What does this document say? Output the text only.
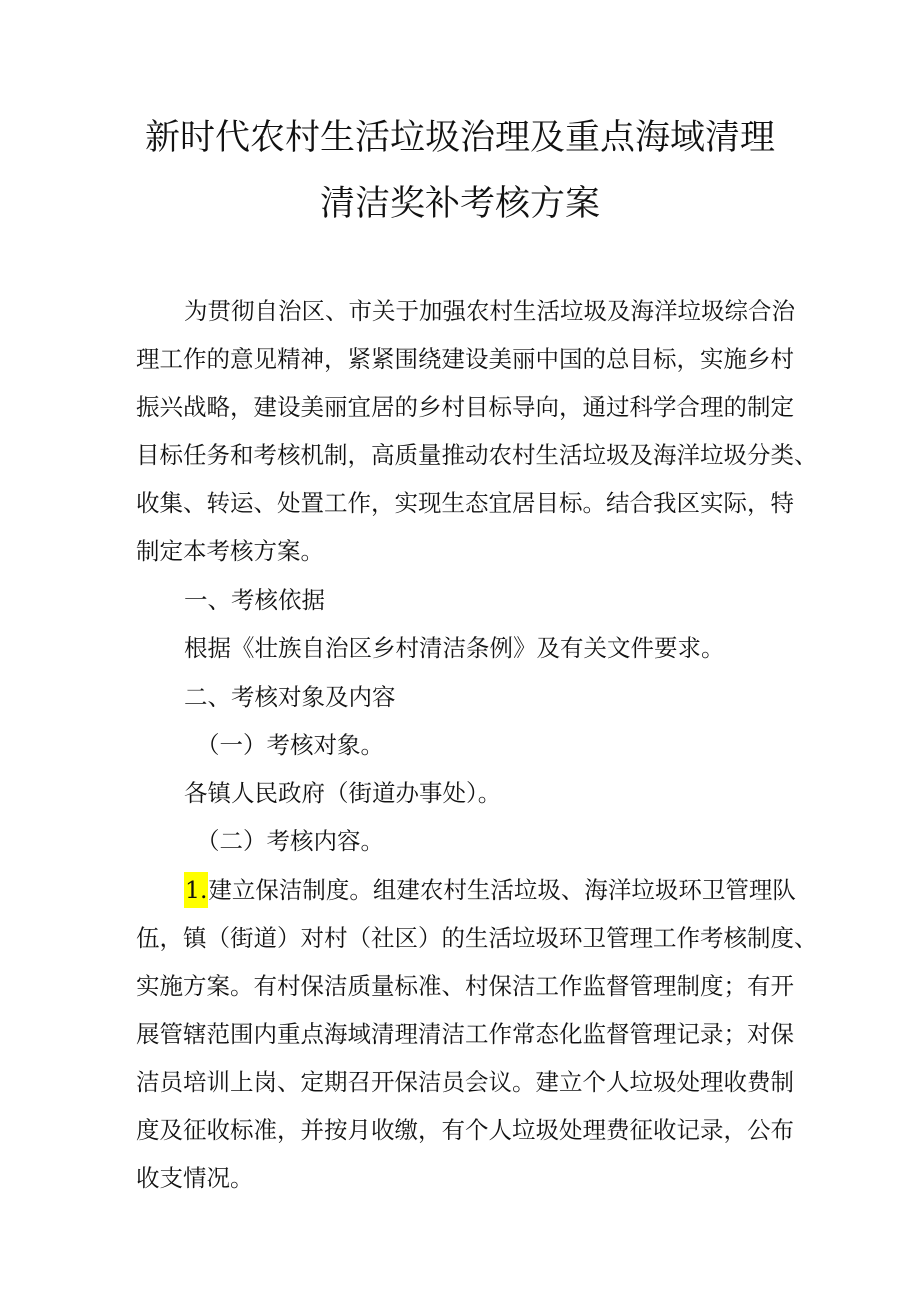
新时代农村生活垃圾治理及重点海域清理
清洁奖补考核方案
为贯彻自治区、市关于加强农村生活垃圾及海洋垃圾综合治
理工作的意见精神，紧紧围绕建设美丽中国的总目标，实施乡村
振兴战略，建设美丽宜居的乡村目标导向，通过科学合理的制定
目标任务和考核机制，高质量推动农村生活垃圾及海洋垃圾分类、
收集、转运、处置工作，实现生态宜居目标。结合我区实际，特
制定本考核方案。
一、考核依据
根据《壮族自治区乡村清洁条例》及有关文件要求。
二、考核对象及内容
（一）考核对象。
各镇人民政府（街道办事处）。
（二）考核内容。
1.建立保洁制度。组建农村生活垃圾、海洋垃圾环卫管理队
伍，镇（街道）对村（社区）的生活垃圾环卫管理工作考核制度、
实施方案。有村保洁质量标准、村保洁工作监督管理制度；有开
展管辖范围内重点海域清理清洁工作常态化监督管理记录；对保
洁员培训上岗、定期召开保洁员会议。建立个人垃圾处理收费制
度及征收标准，并按月收缴，有个人垃圾处理费征收记录，公布
收支情况。
